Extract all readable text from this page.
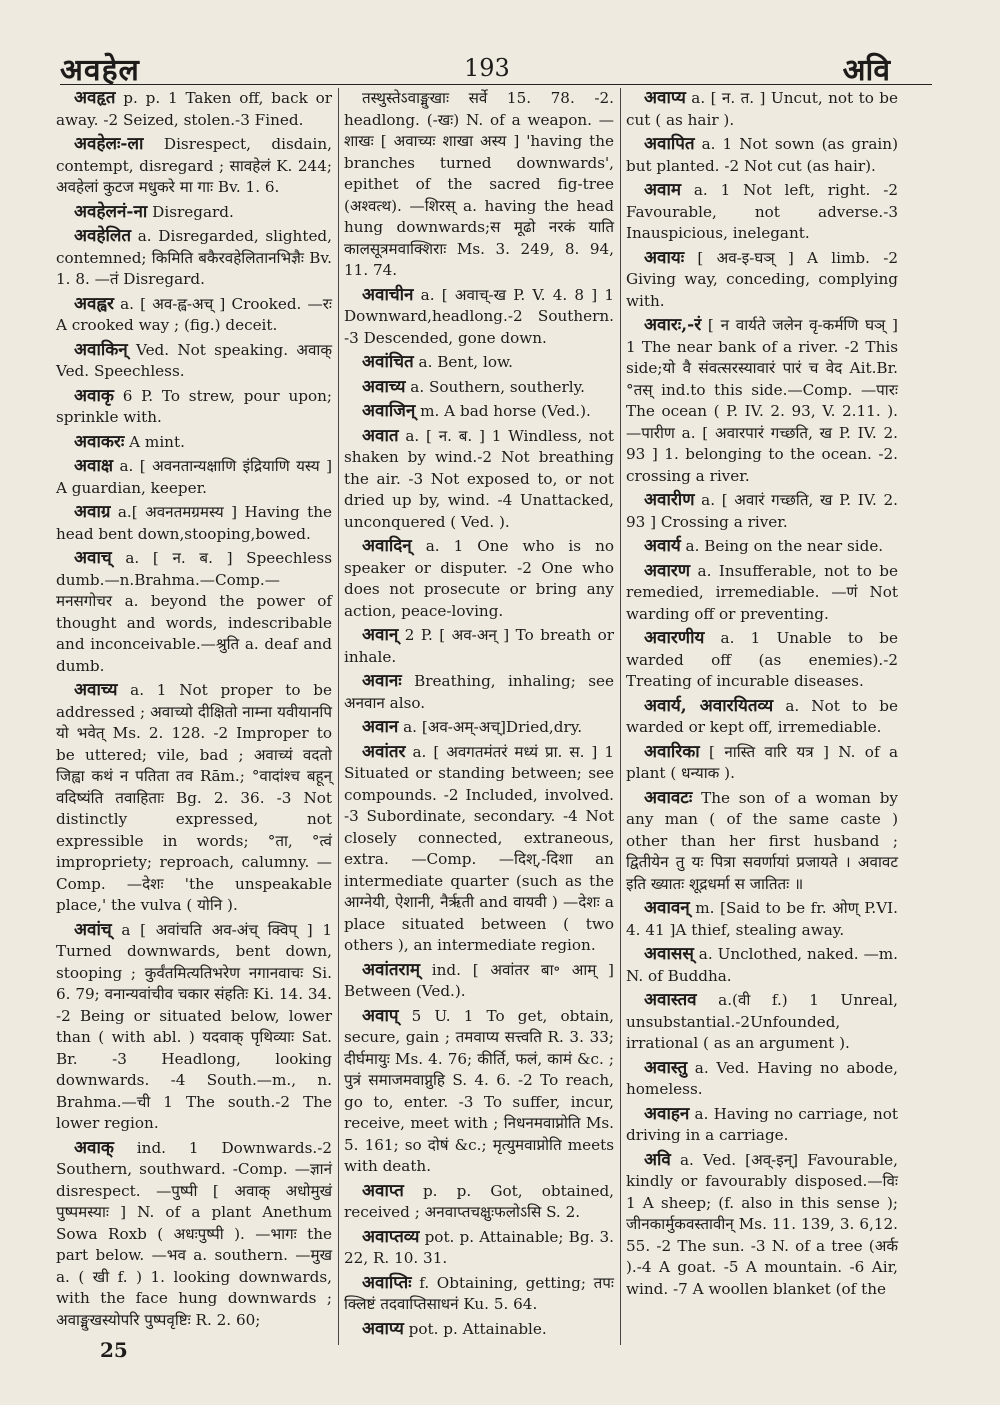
अवहेल	193	अवि

अवहृत p. p. 1 Taken off, back or away. -2 Seized, stolen.-3 Fined.

अवहेलः-ला Disrespect, disdain, contempt, disregard ; सावहेलं K. 244; अवहेलां कुटज मधुकरे मा गाः Bv. 1. 6.

अवहेलनं-ना Disregard.

अवहेलित a. Disregarded, slighted, contemned; किमिति बकैरवहेलितानभिज्ञैः Bv. 1. 8. —तं Disregard.

अवह्वर a. [ अव-ह्व-अच् ] Crooked. —रः A crooked way ; (fig.) deceit.

अवाकिन् Ved. Not speaking. अवाक् Ved. Speechless.

अवाकृ 6 P. To strew, pour upon; sprinkle with.

अवाकरः A mint.

अवाक्ष a. [ अवनतान्यक्षाणि इंद्रियाणि यस्य ] A guardian, keeper.

अवाग्र a.[ अवनतमग्रमस्य ] Having the head bent down,stooping,bowed.

अवाच् a. [ न. ब. ] Speechless dumb.—n.Brahma.—Comp.—मनसगोचर a. beyond the power of thought and words, indescribable and inconceivable.—श्रुति a. deaf and dumb.

अवाच्य a. 1 Not proper to be addressed ; अवाच्यो दीक्षितो नाम्ना यवीयानपि यो भवेत् Ms. 2. 128. -2 Improper to be uttered; vile, bad ; अवाच्यं वदतो जिह्वा कथं न पतिता तव Rām.; °वादांश्च बहून् वदिष्यंति तवाहिताः Bg. 2. 36. -3 Not distinctly expressed, not expressible in words; °ता, °त्वं impropriety; reproach, calumny. —Comp. —देशः 'the unspeakable place,' the vulva ( योनि ).

अवांच् a [ अवांचति अव-अंच् क्विप् ] 1 Turned downwards, bent down, stooping ; कुर्वंतमित्यतिभरेण नगानवाचः Si. 6. 79; वनान्यवांचीव चकार संहतिः Ki. 14. 34. -2 Being or situated below, lower than ( with abl. ) यदवाक् पृथिव्याः Sat. Br. -3 Headlong, looking downwards. -4 South.—m., n. Brahma.—ची 1 The south.-2 The lower region.

अवाक् ind. 1 Downwards.-2 Southern, southward. -Comp. —ज्ञानं disrespect. —पुष्पी [ अवाक् अधोमुखं पुष्पमस्याः ] N. of a plant Anethum Sowa Roxb ( अधःपुष्पी ). —भागः the part below. —भव a. southern. —मुख a. ( खी f. ) 1. looking downwards, with the face hung downwards ; अवाङ्मुखस्योपरि पुष्पवृष्टिः R. 2. 60;

तस्थुस्तेऽवाङ्मुखाः सर्वे 15. 78. -2. headlong. (-खः) N. of a weapon. —शाखः [ अवाच्यः शाखा अस्य ] 'having the branches turned downwards', epithet of the sacred fig-tree (अश्वत्थ). —शिरस् a. having the head hung downwards;स मूढो नरकं याति कालसूत्रमवाक्शिराः Ms. 3. 249, 8. 94, 11. 74.

अवाचीन a. [ अवाच्-ख P. V. 4. 8 ] 1 Downward,headlong.-2 Southern. -3 Descended, gone down.

अवांचित a. Bent, low.

अवाच्य a. Southern, southerly.

अवाजिन् m. A bad horse (Ved.).

अवात a. [ न. ब. ] 1 Windless, not shaken by wind.-2 Not breathing the air. -3 Not exposed to, or not dried up by, wind. -4 Unattacked, unconquered ( Ved. ).

अवादिन् a. 1 One who is no speaker or disputer. -2 One who does not prosecute or bring any action, peace-loving.

अवान् 2 P. [ अव-अन् ] To breath or inhale.

अवानः Breathing, inhaling; see अनवान also.

अवान a. [अव-अम्-अच्]Dried,dry.

अवांतर a. [ अवगतमंतरं मध्यं प्रा. स. ] 1 Situated or standing between; see compounds. -2 Included, involved. -3 Subordinate, secondary. -4 Not closely connected, extraneous, extra. —Comp. —दिश्,-दिशा an intermediate quarter (such as the आग्नेयी, ऐशानी, नैर्ऋती and वायवी ) —देशः a place situated between ( two others ), an intermediate region.

अवांतराम् ind. [ अवांतर बा॰ आम् ] Between (Ved.).

अवाप् 5 U. 1 To get, obtain, secure, gain ; तमवाप्य सत्त्वति R. 3. 33; दीर्घमायुः Ms. 4. 76; कीर्ति, फलं, कामं &c. ; पुत्रं समाजमवाप्नुहि S. 4. 6. -2 To reach, go to, enter. -3 To suffer, incur, receive, meet with ; निधनमवाप्नोति Ms. 5. 161; so दोषं &c.; मृत्युमवाप्नोति meets with death.

अवाप्त p. p. Got, obtained, received ; अनवाप्तचक्षुःफलोऽसि S. 2.

अवाप्तव्य pot. p. Attainable; Bg. 3. 22, R. 10. 31.

अवाप्तिः f. Obtaining, getting; तपः क्लिष्टं तदवाप्तिसाधनं Ku. 5. 64.

अवाप्य pot. p. Attainable.

अवाप्य a. [ न. त. ] Uncut, not to be cut ( as hair ).

अवापित a. 1 Not sown (as grain) but planted. -2 Not cut (as hair).

अवाम a. 1 Not left, right. -2 Favourable, not adverse.-3 Inauspicious, inelegant.

अवायः [ अव-इ-घञ् ] A limb. -2 Giving way, conceding, complying with.

अवारः,-रं [ न वार्यते जलेन वृ-कर्मणि घञ् ] 1 The near bank of a river. -2 This side;यो वै संवत्सरस्यावारं पारं च वेद Ait.Br. °तस् ind.to this side.—Comp. —पारः The ocean ( P. IV. 2. 93, V. 2.11. ). —पारीण a. [ अवारपारं गच्छति, ख P. IV. 2. 93 ] 1. belonging to the ocean. -2. crossing a river.

अवारीण a. [ अवारं गच्छति, ख P. IV. 2. 93 ] Crossing a river.

अवार्य a. Being on the near side.

अवारण a. Insufferable, not to be remedied, irremediable. —णं Not warding off or preventing.

अवारणीय a. 1 Unable to be warded off (as enemies).-2 Treating of incurable diseases.

अवार्य, अवारयितव्य a. Not to be warded or kept off, irremediable.

अवारिका [ नास्ति वारि यत्र ] N. of a plant ( धन्याक ).

अवावटः The son of a woman by any man ( of the same caste ) other than her first husband ; द्वितीयेन तु यः पित्रा सवर्णायां प्रजायते । अवावट इति ख्यातः शूद्रधर्मा स जातितः ॥

अवावन् m. [Said to be fr. ओण् P.VI. 4. 41 ]A thief, stealing away.

अवासस् a. Unclothed, naked. —m. N. of Buddha.

अवास्तव a.(वी f.) 1 Unreal, unsubstantial.-2Unfounded, irrational ( as an argument ).

अवास्तु a. Ved. Having no abode, homeless.

अवाहन a. Having no carriage, not driving in a carriage.

अवि a. Ved. [अव्-इन्] Favourable, kindly or favourably disposed.—विः 1 A sheep; (f. also in this sense ); जीनकार्मुकवस्तावीन् Ms. 11. 139, 3. 6,12. 55. -2 The sun. -3 N. of a tree (अर्क ).-4 A goat. -5 A mountain. -6 Air, wind. -7 A woollen blanket (of the

25
